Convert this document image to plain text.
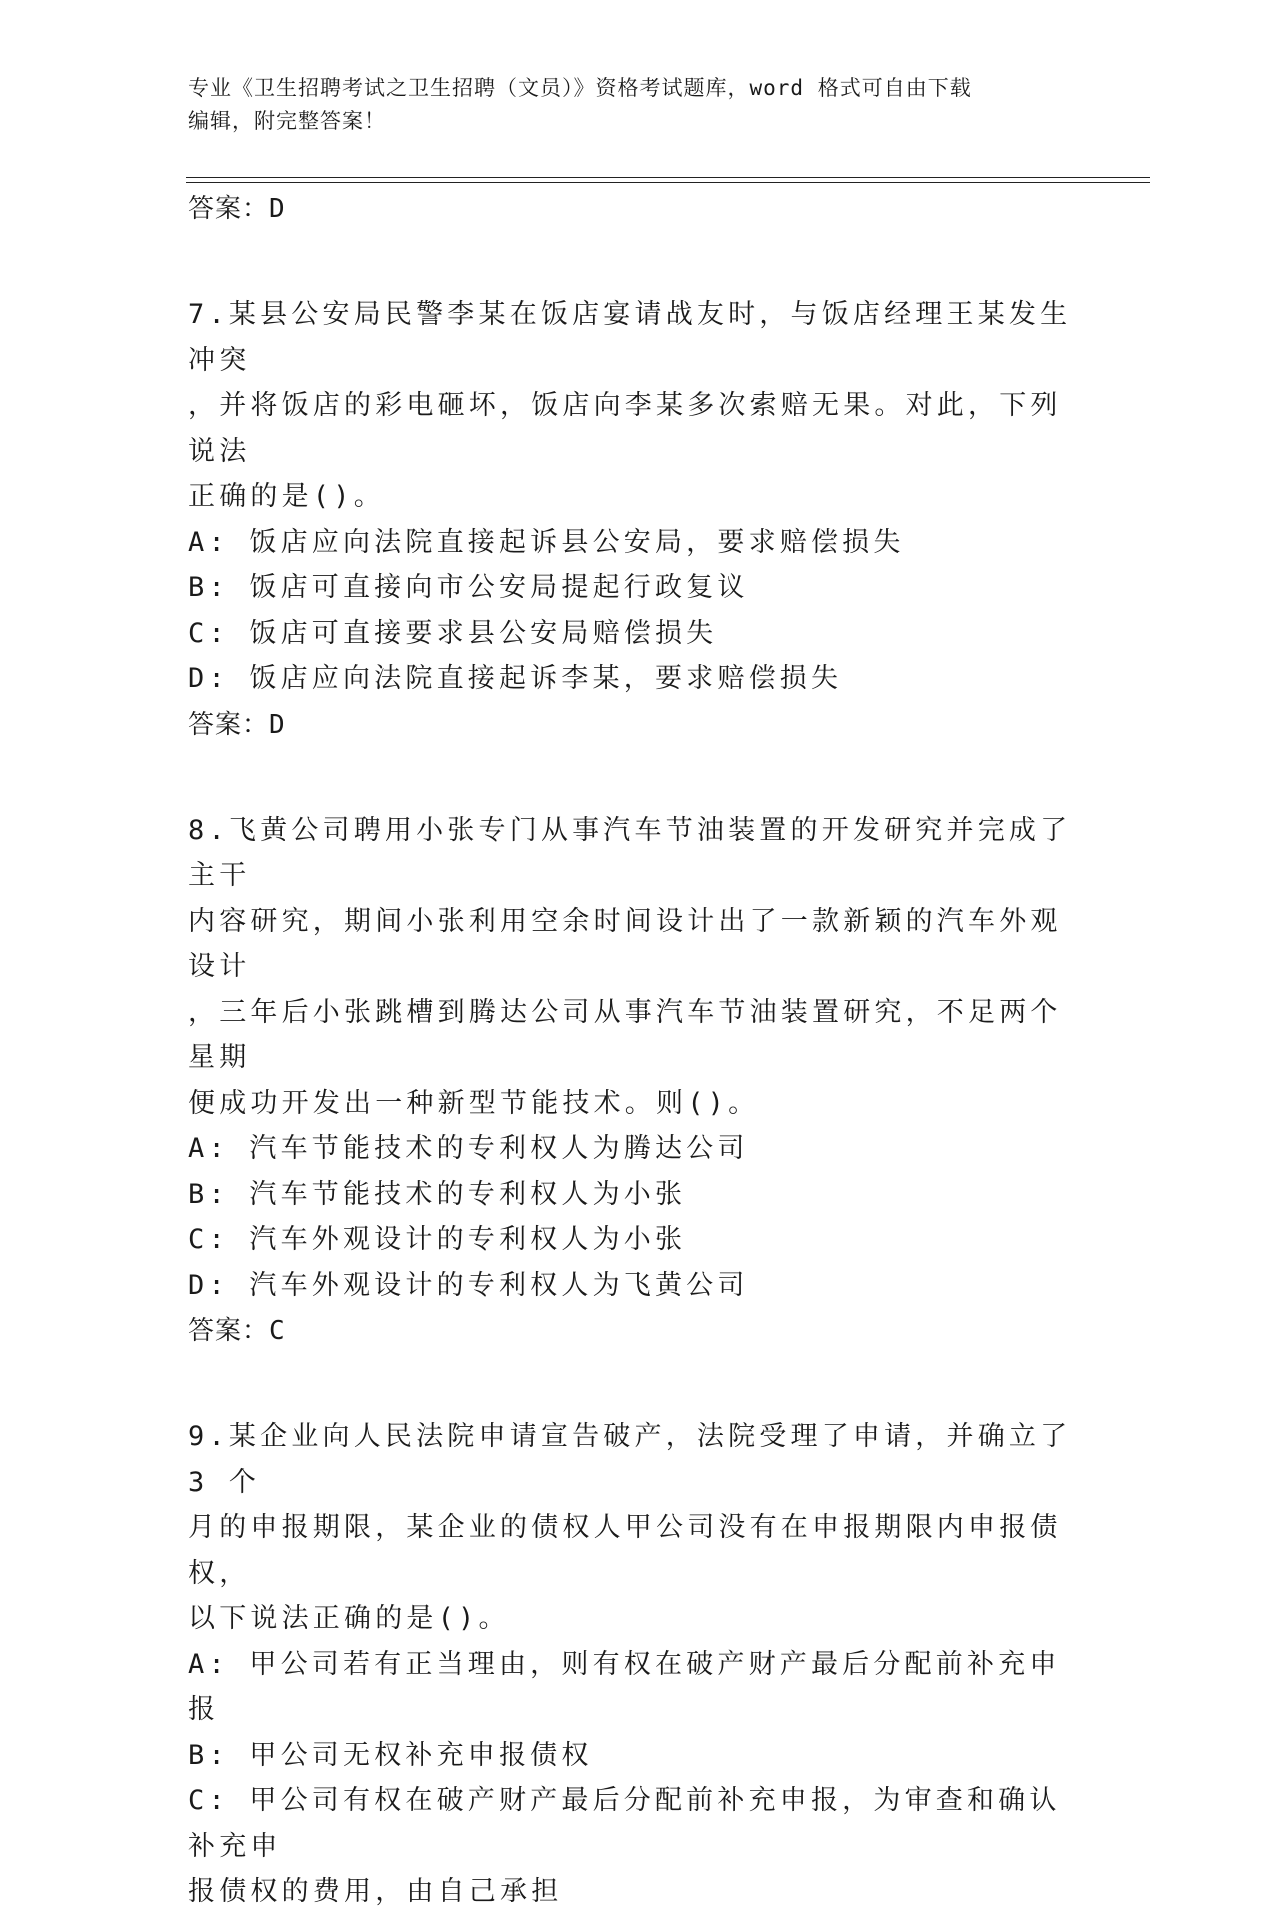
专业《卫生招聘考试之卫生招聘（文员）》资格考试题库，word 格式可自由下载
编辑，附完整答案！
答案：D
7.某县公安局民警李某在饭店宴请战友时，与饭店经理王某发生冲突
，并将饭店的彩电砸坏，饭店向李某多次索赔无果。对此，下列说法
正确的是()。
A: 饭店应向法院直接起诉县公安局，要求赔偿损失
B: 饭店可直接向市公安局提起行政复议
C: 饭店可直接要求县公安局赔偿损失
D: 饭店应向法院直接起诉李某，要求赔偿损失
答案：D
8.飞黄公司聘用小张专门从事汽车节油装置的开发研究并完成了主干
内容研究，期间小张利用空余时间设计出了一款新颖的汽车外观设计
，三年后小张跳槽到腾达公司从事汽车节油装置研究，不足两个星期
便成功开发出一种新型节能技术。则()。
A: 汽车节能技术的专利权人为腾达公司
B: 汽车节能技术的专利权人为小张
C: 汽车外观设计的专利权人为小张
D: 汽车外观设计的专利权人为飞黄公司
答案：C
9.某企业向人民法院申请宣告破产，法院受理了申请，并确立了 3 个
月的申报期限，某企业的债权人甲公司没有在申报期限内申报债权，
以下说法正确的是()。
A: 甲公司若有正当理由，则有权在破产财产最后分配前补充申报
B: 甲公司无权补充申报债权
C: 甲公司有权在破产财产最后分配前补充申报，为审查和确认补充申
报债权的费用，由自己承担
